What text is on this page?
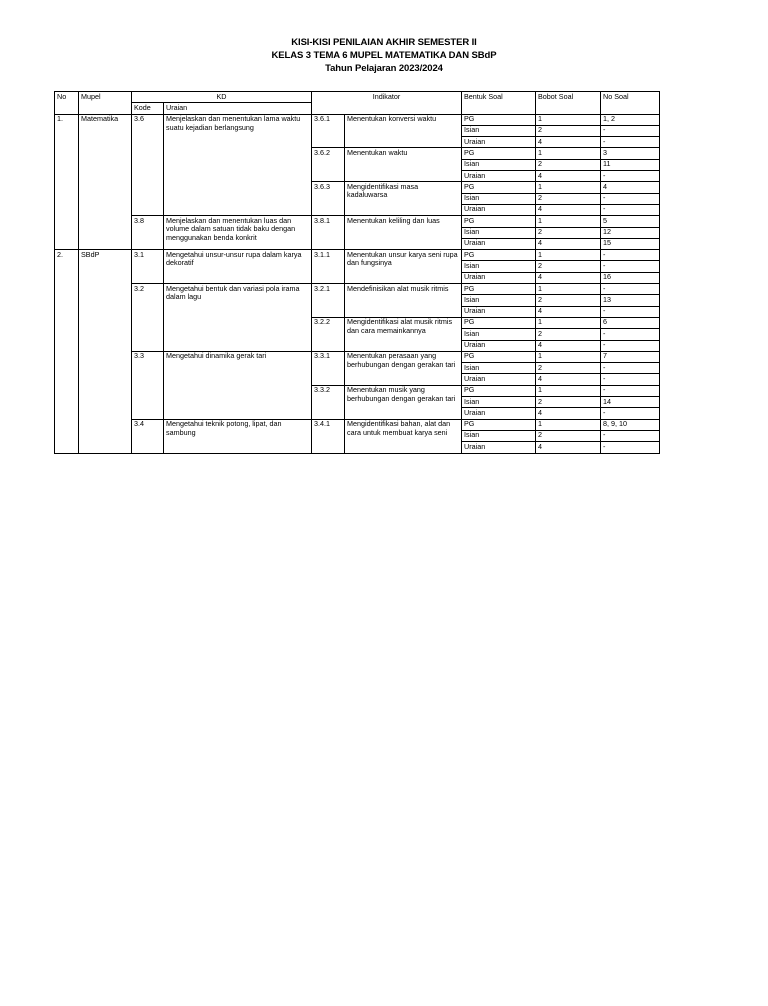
KISI-KISI PENILAIAN AKHIR SEMESTER II
KELAS 3 TEMA 6 MUPEL MATEMATIKA DAN SBdP
Tahun Pelajaran 2023/2024
No	Mupel	KD		Indikator		Bentuk Soal	Bobot Soal	No Soal
		Kode	Uraian					
1.	Matematika	3.6	Menjelaskan dan menentukan lama waktu suatu kejadian berlangsung	3.6.1	Menentukan konversi waktu	PG	1	1, 2
						Isian	2	-
						Uraian	4	-
				3.6.2	Menentukan waktu	PG	1	3
						Isian	2	11
						Uraian	4	-
				3.6.3	Mengidentifikasi masa kadaluwarsa	PG	1	4
						Isian	2	-
						Uraian	4	-
		3.8	Menjelaskan dan menentukan luas dan volume dalam satuan tidak baku dengan menggunakan benda konkrit	3.8.1	Menentukan keliling dan luas	PG	1	5
						Isian	2	12
						Uraian	4	15
2.	SBdP	3.1	Mengetahui unsur-unsur rupa dalam karya dekoratif	3.1.1	Menentukan unsur karya seni rupa dan fungsinya	PG	1	-
						Isian	2	-
						Uraian	4	16
		3.2	Mengetahui bentuk dan variasi pola irama dalam lagu	3.2.1	Mendefinisikan alat musik ritmis	PG	1	-
						Isian	2	13
						Uraian	4	-
				3.2.2	Mengidentifikasi alat musik ritmis dan cara memainkannya	PG	1	6
						Isian	2	-
						Uraian	4	-
		3.3	Mengetahui dinamika gerak tari	3.3.1	Menentukan perasaan yang berhubungan dengan gerakan tari	PG	1	7
						Isian	2	-
						Uraian	4	-
				3.3.2	Menentukan musik yang berhubungan dengan gerakan tari	PG	1	-
						Isian	2	14
						Uraian	4	-
		3.4	Mengetahui teknik potong, lipat, dan sambung	3.4.1	Mengidentifikasi bahan, alat dan cara untuk membuat karya seni	PG	1	8, 9, 10
						Isian	2	-
						Uraian	4	-
